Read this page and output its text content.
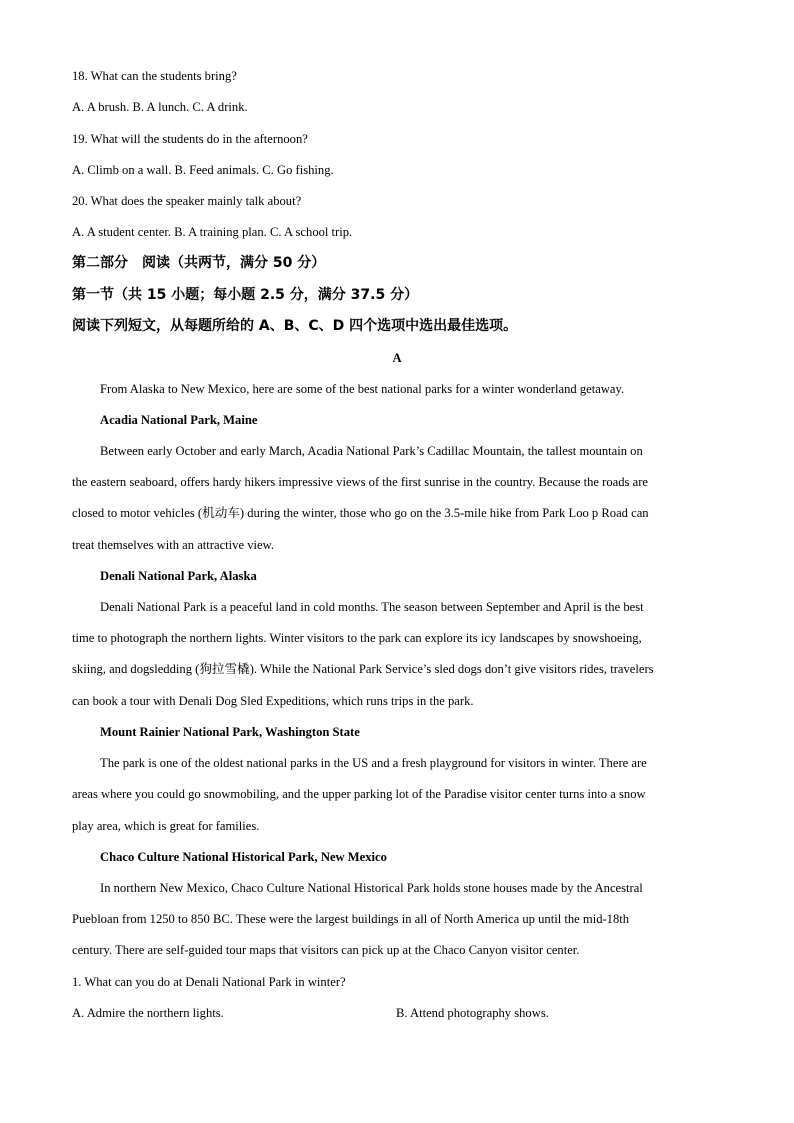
18. What can the students bring?
A. A brush. B. A lunch. C. A drink.
19. What will the students do in the afternoon?
A. Climb on a wall. B. Feed animals. C. Go fishing.
20. What does the speaker mainly talk about?
A. A student center. B. A training plan. C. A school trip.
第二部分　阅读（共两节，满分 50 分）
第一节（共 15 小题；每小题 2.5 分，满分 37.5 分）
阅读下列短文，从每题所给的 A、B、C、D 四个选项中选出最佳选项。
A
From Alaska to New Mexico, here are some of the best national parks for a winter wonderland getaway.
Acadia National Park, Maine
Between early October and early March, Acadia National Park’s Cadillac Mountain, the tallest mountain on
the eastern seaboard, offers hardy hikers impressive views of the first sunrise in the country. Because the roads are
closed to motor vehicles (机动车) during the winter, those who go on the 3.5-mile hike from Park Loo p Road can
treat themselves with an attractive view.
Denali National Park, Alaska
Denali National Park is a peaceful land in cold months. The season between September and April is the best
time to photograph the northern lights. Winter visitors to the park can explore its icy landscapes by snowshoeing,
skiing, and dogsledding (狗拉雪橇). While the National Park Service’s sled dogs don’t give visitors rides, travelers
can book a tour with Denali Dog Sled Expeditions, which runs trips in the park.
Mount Rainier National Park, Washington State
The park is one of the oldest national parks in the US and a fresh playground for visitors in winter. There are
areas where you could go snowmobiling, and the upper parking lot of the Paradise visitor center turns into a snow
play area, which is great for families.
Chaco Culture National Historical Park, New Mexico
In northern New Mexico, Chaco Culture National Historical Park holds stone houses made by the Ancestral
Puebloan from 1250 to 850 BC. These were the largest buildings in all of North America up until the mid-18th
century. There are self-guided tour maps that visitors can pick up at the Chaco Canyon visitor center.
1. What can you do at Denali National Park in winter?
A. Admire the northern lights.	B. Attend photography shows.
